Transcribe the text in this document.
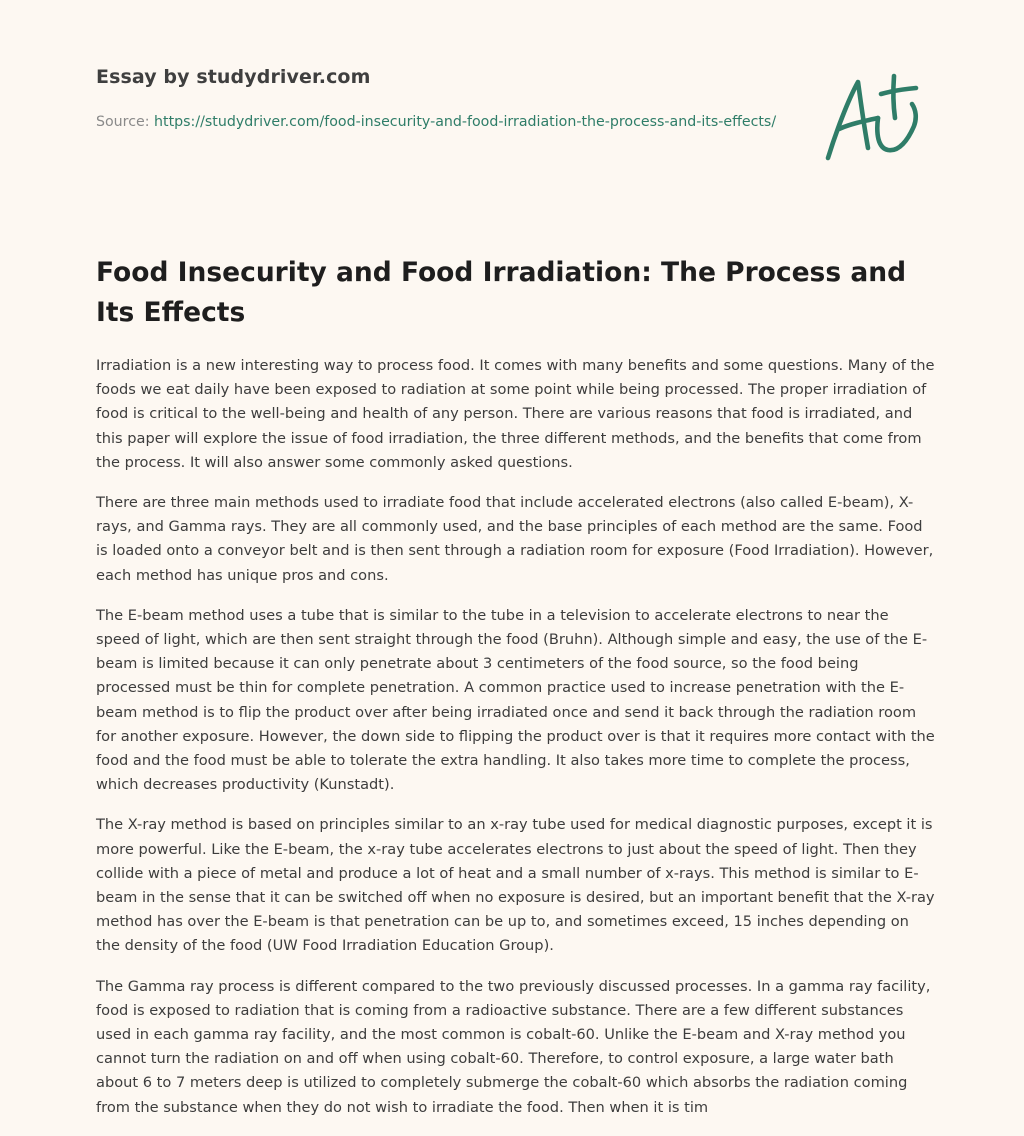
Essay by studydriver.com
Source: https://studydriver.com/food-insecurity-and-food-irradiation-the-process-and-its-effects/
Food Insecurity and Food Irradiation: The Process and Its Effects

Irradiation is a new interesting way to process food. It comes with many benefits and some questions. Many of the foods we eat daily have been exposed to radiation at some point while being processed. The proper irradiation of food is critical to the well-being and health of any person. There are various reasons that food is irradiated, and this paper will explore the issue of food irradiation, the three different methods, and the benefits that come from the process. It will also answer some commonly asked questions.

There are three main methods used to irradiate food that include accelerated electrons (also called E-beam), X-rays, and Gamma rays. They are all commonly used, and the base principles of each method are the same. Food is loaded onto a conveyor belt and is then sent through a radiation room for exposure (Food Irradiation). However, each method has unique pros and cons.

The E-beam method uses a tube that is similar to the tube in a television to accelerate electrons to near the speed of light, which are then sent straight through the food (Bruhn). Although simple and easy, the use of the E-beam is limited because it can only penetrate about 3 centimeters of the food source, so the food being processed must be thin for complete penetration. A common practice used to increase penetration with the E-beam method is to flip the product over after being irradiated once and send it back through the radiation room for another exposure. However, the down side to flipping the product over is that it requires more contact with the food and the food must be able to tolerate the extra handling. It also takes more time to complete the process, which decreases productivity (Kunstadt).

The X-ray method is based on principles similar to an x-ray tube used for medical diagnostic purposes, except it is more powerful. Like the E-beam, the x-ray tube accelerates electrons to just about the speed of light. Then they collide with a piece of metal and produce a lot of heat and a small number of x-rays. This method is similar to E-beam in the sense that it can be switched off when no exposure is desired, but an important benefit that the X-ray method has over the E-beam is that penetration can be up to, and sometimes exceed, 15 inches depending on the density of the food (UW Food Irradiation Education Group).

The Gamma ray process is different compared to the two previously discussed processes. In a gamma ray facility, food is exposed to radiation that is coming from a radioactive substance. There are a few different substances used in each gamma ray facility, and the most common is cobalt-60. Unlike the E-beam and X-ray method you cannot turn the radiation on and off when using cobalt-60. Therefore, to control exposure, a large water bath about 6 to 7 meters deep is utilized to completely submerge the cobalt-60 which absorbs the radiation coming from the substance when they do not wish to irradiate the food. Then when it is tim
